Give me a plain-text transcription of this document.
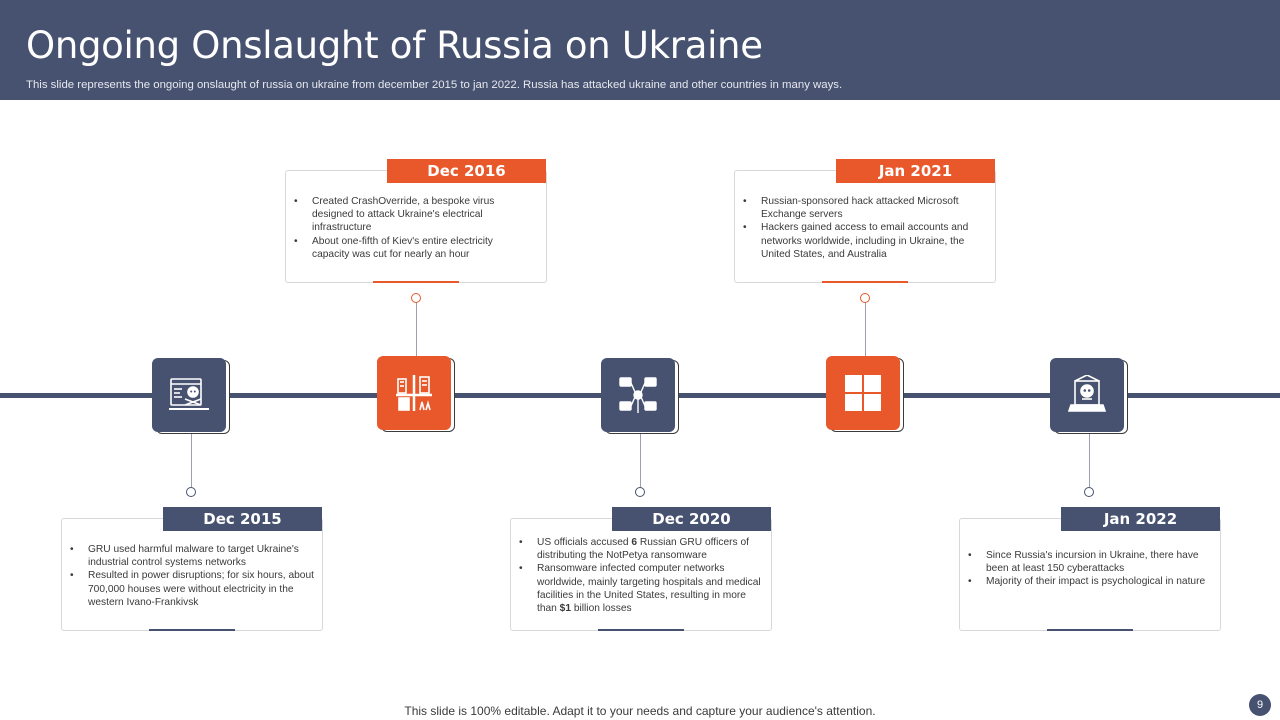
Ongoing Onslaught of Russia on Ukraine
This slide represents the ongoing onslaught of russia on ukraine from december 2015 to jan 2022. Russia has attacked ukraine and other countries in many ways.
• GRU used harmful malware to target Ukraine's industrial control systems networks
• Resulted in power disruptions; for six hours, about 700,000 houses were without electricity in the western Ivano-Frankivsk
Dec 2015
• Created CrashOverride, a bespoke virus designed to attack Ukraine's electrical infrastructure
• About one-fifth of Kiev's entire electricity capacity was cut for nearly an hour
Dec 2016
• US officials accused 6 Russian GRU officers of distributing the NotPetya ransomware
• Ransomware infected computer networks worldwide, mainly targeting hospitals and medical facilities in the United States, resulting in more than $1 billion losses
Dec 2020
• Russian-sponsored hack attacked Microsoft Exchange servers
• Hackers gained access to email accounts and networks worldwide, including in Ukraine, the United States, and Australia
Jan 2021
• Since Russia's incursion in Ukraine, there have been at least 150 cyberattacks
• Majority of their impact is psychological in nature
Jan 2022
This slide is 100% editable. Adapt it to your needs and capture your audience's attention.	9
